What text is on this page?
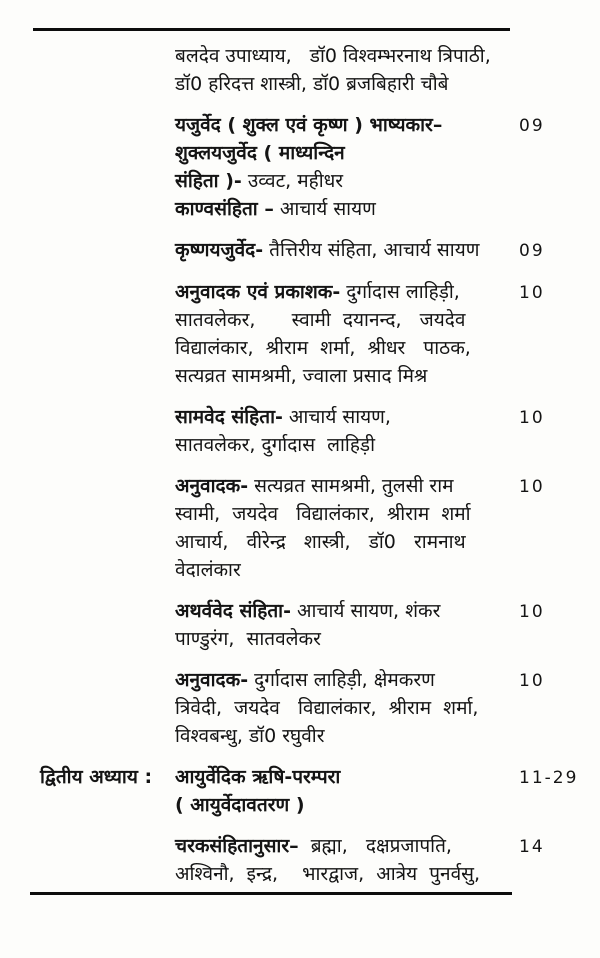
बलदेव उपाध्याय,   डॉ0 विश्वम्भरनाथ त्रिपाठी,
डॉ0 हरिदत्त शास्त्री, डॉ0 ब्रजबिहारी चौबे
यजुर्वेद ( शुक्ल एवं कृष्ण ) भाष्यकार–
शुक्लयजुर्वेद ( माध्यन्दिन
संहिता )- उव्वट, महीधर
काण्वसंहिता – आचार्य सायण
09
कृष्णयजुर्वेद- तैत्तिरीय संहिता, आचार्य सायण	09
अनुवादक एवं प्रकाशक- दुर्गादास लाहिड़ी,
सातवलेकर,      स्वामी  दयानन्द,   जयदेव
विद्यालंकार,  श्रीराम  शर्मा,  श्रीधर   पाठक,
सत्यव्रत सामश्रमी, ज्वाला प्रसाद मिश्र
10
सामवेद संहिता- आचार्य सायण,
सातवलेकर, दुर्गादास  लाहिड़ी
10
अनुवादक- सत्यव्रत सामश्रमी, तुलसी राम
स्वामी,  जयदेव   विद्यालंकार,  श्रीराम  शर्मा
आचार्य,   वीरेन्द्र   शास्त्री,   डॉ0   रामनाथ
वेदालंकार
10
अथर्ववेद संहिता- आचार्य सायण, शंकर
पाण्डुरंग,  सातवलेकर
10
अनुवादक- दुर्गादास लाहिड़ी, क्षेमकरण
त्रिवेदी,  जयदेव   विद्यालंकार,  श्रीराम  शर्मा,
विश्वबन्धु, डॉ0 रघुवीर
10
द्वितीय अध्याय :	आयुर्वेदिक ऋषि-परम्परा
( आयुर्वेदावतरण )
11-29
चरकसंहितानुसार–  ब्रह्मा,   दक्षप्रजापति,
अश्विनौ,  इन्द्र,    भारद्वाज,  आत्रेय  पुनर्वसु,
14
